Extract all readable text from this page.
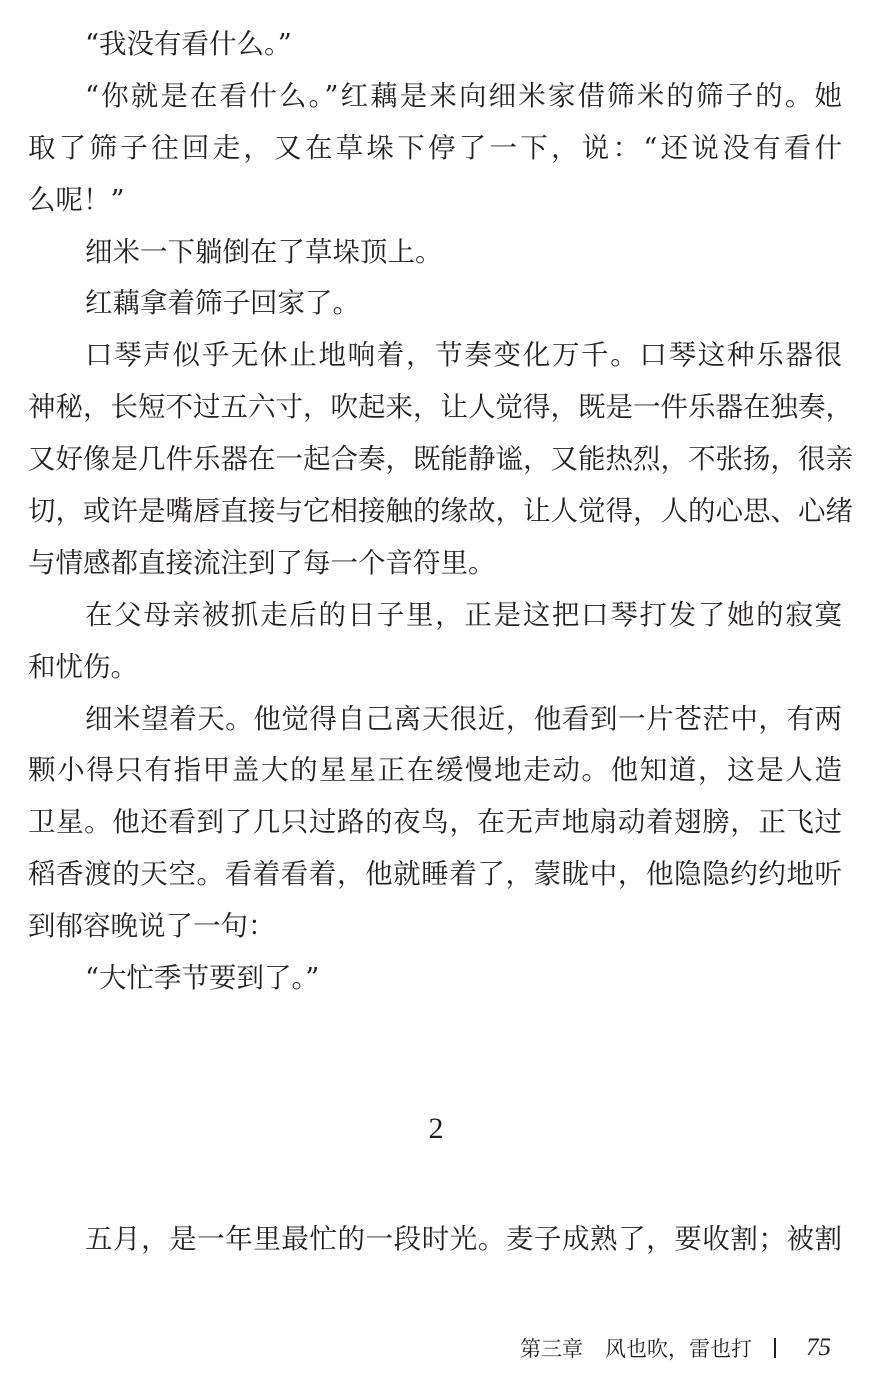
“我没有看什么。”
“你就是在看什么。”红藕是来向细米家借筛米的筛子的。她
取了筛子往回走，又在草垛下停了一下，说：“还说没有看什
么呢！”
细米一下躺倒在了草垛顶上。
红藕拿着筛子回家了。
口琴声似乎无休止地响着，节奏变化万千。口琴这种乐器很
神秘，长短不过五六寸，吹起来，让人觉得，既是一件乐器在独奏，
又好像是几件乐器在一起合奏，既能静谧，又能热烈，不张扬，很亲
切，或许是嘴唇直接与它相接触的缘故，让人觉得，人的心思、心绪
与情感都直接流注到了每一个音符里。
在父母亲被抓走后的日子里，正是这把口琴打发了她的寂寞
和忧伤。
细米望着天。他觉得自己离天很近，他看到一片苍茫中，有两
颗小得只有指甲盖大的星星正在缓慢地走动。他知道，这是人造
卫星。他还看到了几只过路的夜鸟，在无声地扇动着翅膀，正飞过
稻香渡的天空。看着看着，他就睡着了，蒙眬中，他隐隐约约地听
到郁容晚说了一句：
“大忙季节要到了。”
2
五月，是一年里最忙的一段时光。麦子成熟了，要收割；被割
第三章 风也吹，雷也打 75
